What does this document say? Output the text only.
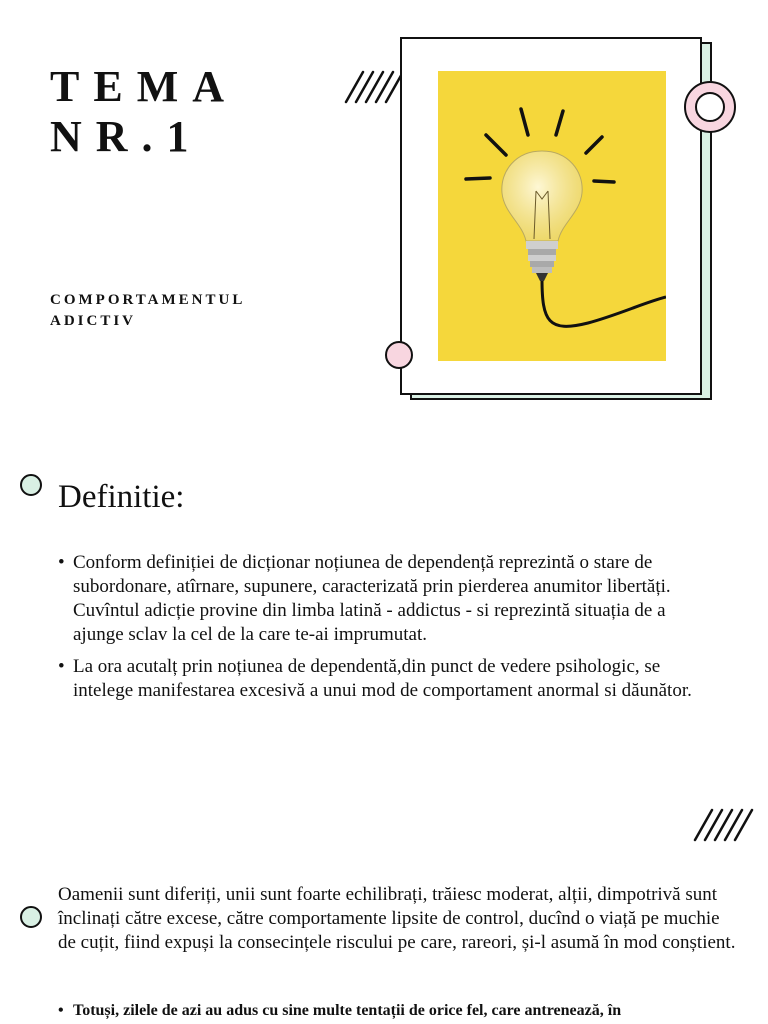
TEMA
NR.1

COMPORTAMENTUL
ADICTIV

Definitie:
• Conform definiției de dicționar noțiunea de dependență reprezintă o stare de subordonare, atîrnare, supunere, caracterizată prin pierderea anumitor libertăți. Cuvîntul adicție provine din limba latină - addictus - si reprezintă situația de a ajunge sclav la cel de la care te-ai imprumutat.
• La ora acutalț prin noțiunea de dependentă,din punct de vedere psihologic, se intelege manifestarea excesivă a unui mod de comportament anormal si dăunător.

Oamenii sunt diferiți, unii sunt foarte echilibrați, trăiesc moderat, alții, dimpotrivă sunt înclinați către excese, către comportamente lipsite de control, ducînd o viață pe muchie de cuțit, fiind expuși la consecințele riscului pe care, rareori, și-l asumă în mod conștient.

• Totuși, zilele de azi au adus cu sine multe tentații de orice fel, care antrenează, în
